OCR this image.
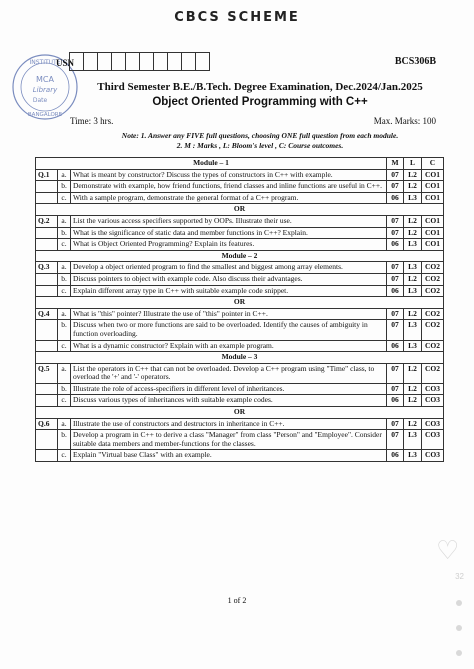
CBCS SCHEME
INSTITUTE
MCA
Library
Date
BANGALORE
USN	BCS306B
Third Semester B.E./B.Tech. Degree Examination, Dec.2024/Jan.2025
Object Oriented Programming with C++
Time: 3 hrs.	Max. Marks: 100
Note: 1. Answer any FIVE full questions, choosing ONE full question from each module.
2. M : Marks , L: Bloom's level , C: Course outcomes.
Module – 1			M	L	C
Q.1	a.	What is meant by constructor? Discuss the types of constructors in C++ with example.	07	L2	CO1
	b.	Demonstrate with example, how friend functions, friend classes and inline functions are useful in C++.	07	L2	CO1
	c.	With a sample program, demonstrate the general format of a C++ program.	06	L3	CO1
OR					
Q.2	a.	List the various access specifiers supported by OOPs. Illustrate their use.	07	L2	CO1
	b.	What is the significance of static data and member functions in C++? Explain.	07	L2	CO1
	c.	What is Object Oriented Programming? Explain its features.	06	L3	CO1
Module – 2					
Q.3	a.	Develop a object oriented program to find the smallest and biggest among array elements.	07	L3	CO2
	b.	Discuss pointers to object with example code. Also discuss their advantages.	07	L2	CO2
	c.	Explain different array type in C++ with suitable example code snippet.	06	L3	CO2
OR					
Q.4	a.	What is "this" pointer? Illustrate the use of "this" pointer in C++.	07	L2	CO2
	b.	Discuss when two or more functions are said to be overloaded. Identify the causes of ambiguity in function overloading.	07	L3	CO2
	c.	What is a dynamic constructor? Explain with an example program.	06	L3	CO2
Module – 3					
Q.5	a.	List the operators in C++ that can not be overloaded. Develop a C++ program using "Time" class, to overload the '+' and '-' operators.	07	L2	CO2
	b.	Illustrate the role of access-specifiers in different level of inheritances.	07	L2	CO3
	c.	Discuss various types of inheritances with suitable example codes.	06	L2	CO3
OR					
Q.6	a.	Illustrate the use of constructors and destructors in inheritance in C++.	07	L2	CO3
	b.	Develop a program in C++ to derive a class "Manager" from class "Person" and "Employee". Consider suitable data members and member-functions for the classes.	07	L3	CO3
	c.	Explain "Virtual base Class" with an example.	06	L3	CO3
1 of 2
♡
32
